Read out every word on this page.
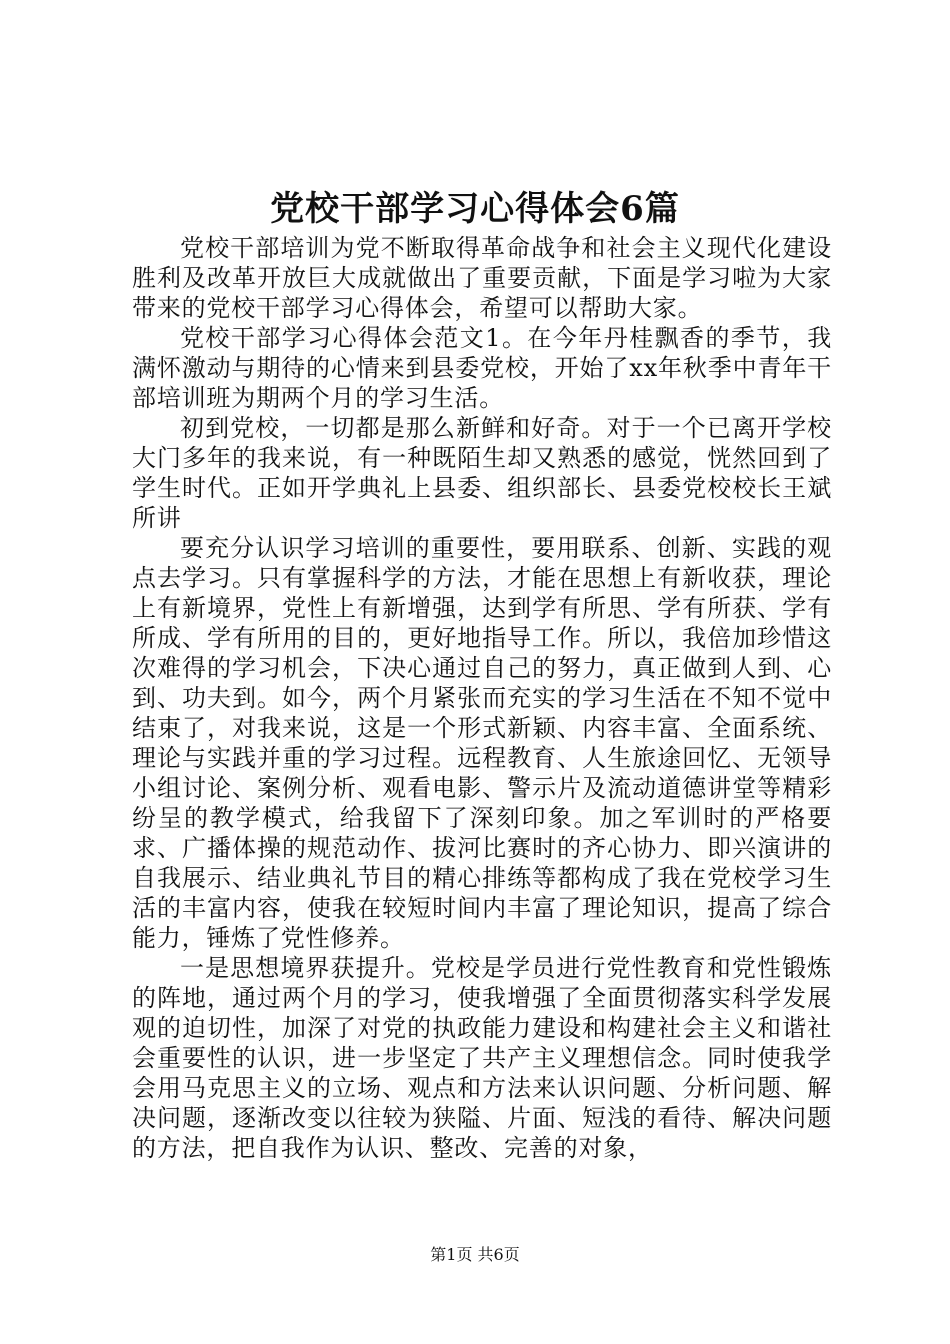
党校干部学习心得体会6篇

党校干部培训为党不断取得革命战争和社会主义现代化建设胜利及改革开放巨大成就做出了重要贡献，下面是学习啦为大家带来的党校干部学习心得体会，希望可以帮助大家。

党校干部学习心得体会范文1。在今年丹桂飘香的季节，我满怀激动与期待的心情来到县委党校，开始了xx年秋季中青年干部培训班为期两个月的学习生活。

初到党校，一切都是那么新鲜和好奇。对于一个已离开学校大门多年的我来说，有一种既陌生却又熟悉的感觉，恍然回到了学生时代。正如开学典礼上县委、组织部长、县委党校校长王斌所讲

要充分认识学习培训的重要性，要用联系、创新、实践的观点去学习。只有掌握科学的方法，才能在思想上有新收获，理论上有新境界，党性上有新增强，达到学有所思、学有所获、学有所成、学有所用的目的，更好地指导工作。所以，我倍加珍惜这次难得的学习机会，下决心通过自己的努力，真正做到人到、心到、功夫到。如今，两个月紧张而充实的学习生活在不知不觉中结束了，对我来说，这是一个形式新颖、内容丰富、全面系统、理论与实践并重的学习过程。远程教育、人生旅途回忆、无领导小组讨论、案例分析、观看电影、警示片及流动道德讲堂等精彩纷呈的教学模式，给我留下了深刻印象。加之军训时的严格要求、广播体操的规范动作、拔河比赛时的齐心协力、即兴演讲的自我展示、结业典礼节目的精心排练等都构成了我在党校学习生活的丰富内容，使我在较短时间内丰富了理论知识，提高了综合能力，锤炼了党性修养。

一是思想境界获提升。党校是学员进行党性教育和党性锻炼的阵地，通过两个月的学习，使我增强了全面贯彻落实科学发展观的迫切性，加深了对党的执政能力建设和构建社会主义和谐社会重要性的认识，进一步坚定了共产主义理想信念。同时使我学会用马克思主义的立场、观点和方法来认识问题、分析问题、解决问题，逐渐改变以往较为狭隘、片面、短浅的看待、解决问题的方法，把自我作为认识、整改、完善的对象，

第1页 共6页
